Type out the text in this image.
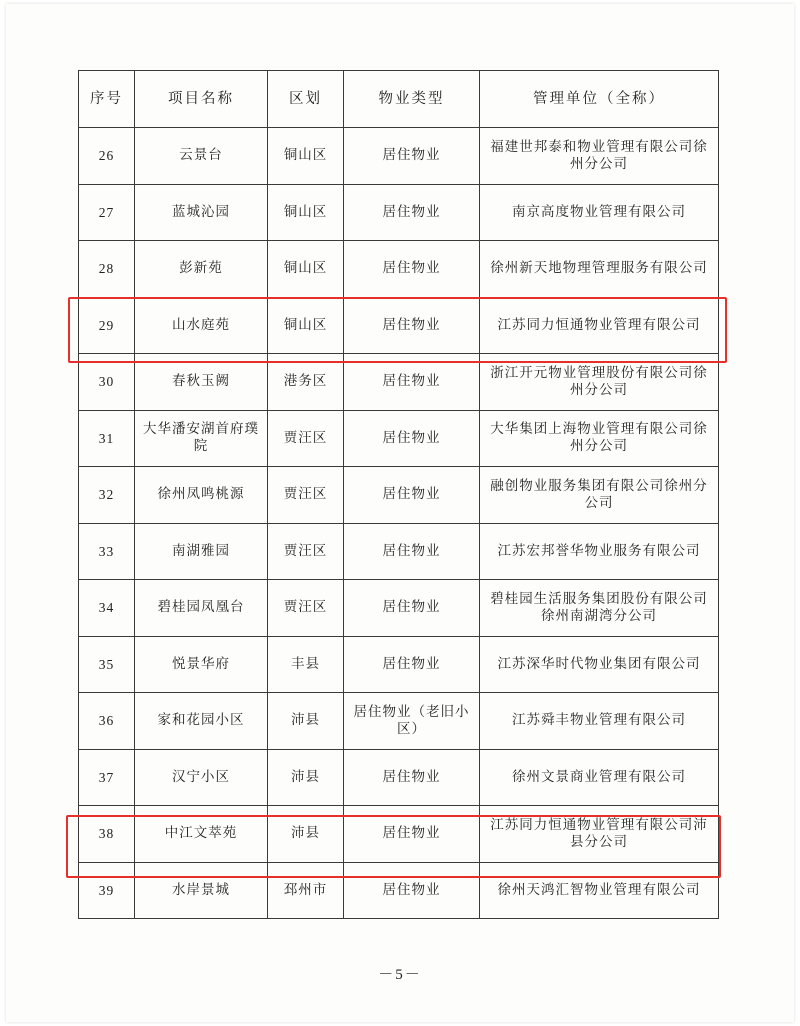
序号	项目名称	区划	物业类型	管理单位（全称）
26	云景台	铜山区	居住物业	福建世邦泰和物业管理有限公司徐州分公司
27	蓝城沁园	铜山区	居住物业	南京高度物业管理有限公司
28	彭新苑	铜山区	居住物业	徐州新天地物理管理服务有限公司
29	山水庭苑	铜山区	居住物业	江苏同力恒通物业管理有限公司
30	春秋玉阙	港务区	居住物业	浙江开元物业管理股份有限公司徐州分公司
31	大华潘安湖首府璞院	贾汪区	居住物业	大华集团上海物业管理有限公司徐州分公司
32	徐州凤鸣桃源	贾汪区	居住物业	融创物业服务集团有限公司徐州分公司
33	南湖雅园	贾汪区	居住物业	江苏宏邦誉华物业服务有限公司
34	碧桂园凤凰台	贾汪区	居住物业	碧桂园生活服务集团股份有限公司徐州南湖湾分公司
35	悦景华府	丰县	居住物业	江苏深华时代物业集团有限公司
36	家和花园小区	沛县	居住物业（老旧小区）	江苏舜丰物业管理有限公司
37	汉宁小区	沛县	居住物业	徐州文景商业管理有限公司
38	中江文萃苑	沛县	居住物业	江苏同力恒通物业管理有限公司沛县分公司
39	水岸景城	邳州市	居住物业	徐州天鸿汇智物业管理有限公司
－5－
